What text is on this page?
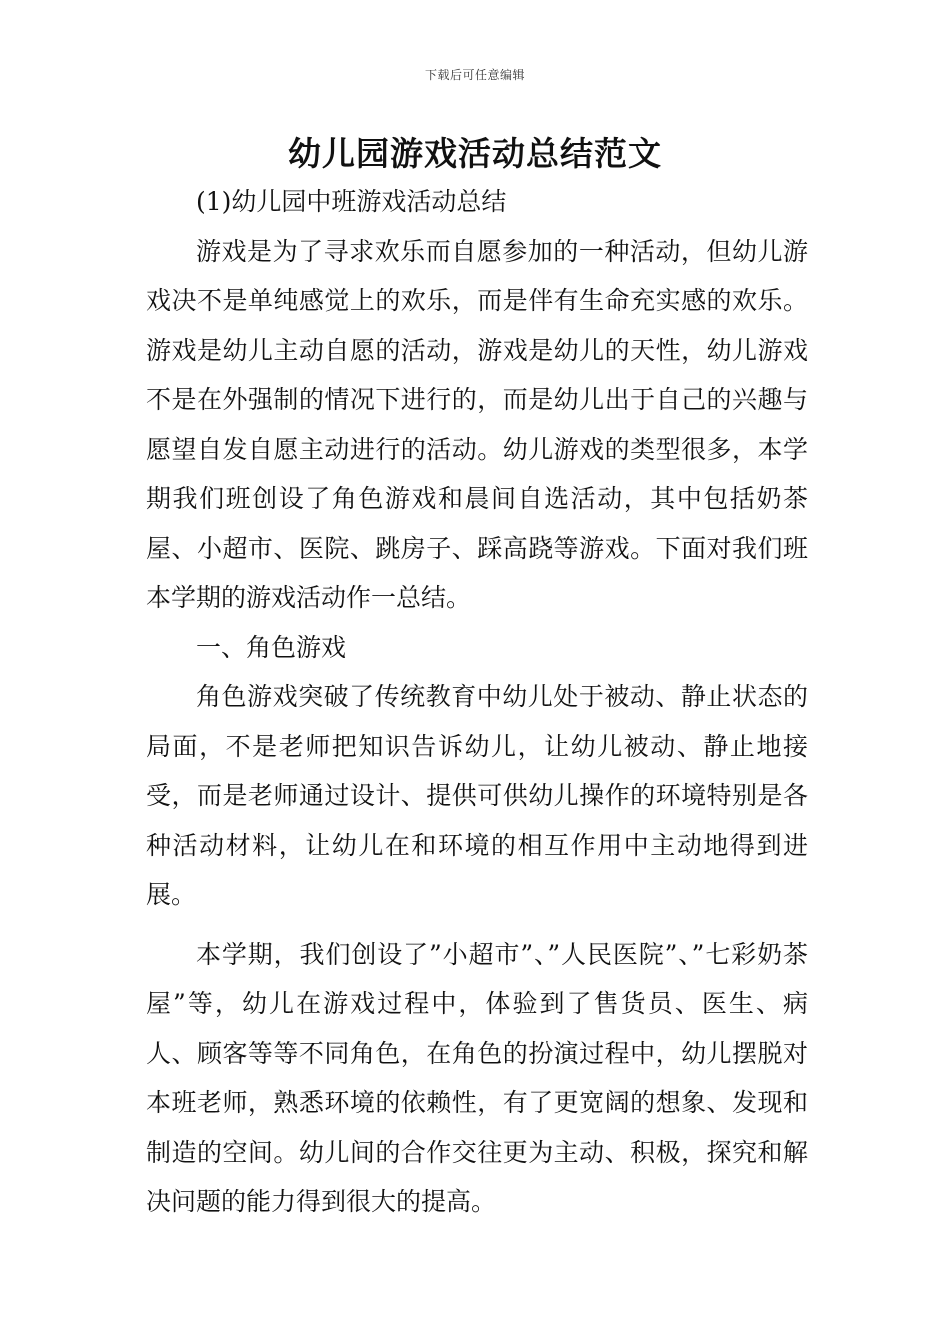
下载后可任意编辑
幼儿园游戏活动总结范文

(1)幼儿园中班游戏活动总结

游戏是为了寻求欢乐而自愿参加的一种活动，但幼儿游戏决不是单纯感觉上的欢乐，而是伴有生命充实感的欢乐。游戏是幼儿主动自愿的活动，游戏是幼儿的天性，幼儿游戏不是在外强制的情况下进行的，而是幼儿出于自己的兴趣与愿望自发自愿主动进行的活动。幼儿游戏的类型很多，本学期我们班创设了角色游戏和晨间自选活动，其中包括奶茶屋、小超市、医院、跳房子、踩高跷等游戏。下面对我们班本学期的游戏活动作一总结。

一、角色游戏

角色游戏突破了传统教育中幼儿处于被动、静止状态的局面，不是老师把知识告诉幼儿，让幼儿被动、静止地接受，而是老师通过设计、提供可供幼儿操作的环境特别是各种活动材料，让幼儿在和环境的相互作用中主动地得到进展。

本学期，我们创设了”小超市”、”人民医院”、”七彩奶茶屋”等，幼儿在游戏过程中，体验到了售货员、医生、病人、顾客等等不同角色，在角色的扮演过程中，幼儿摆脱对本班老师，熟悉环境的依赖性，有了更宽阔的想象、发现和制造的空间。幼儿间的合作交往更为主动、积极，探究和解决问题的能力得到很大的提高。
